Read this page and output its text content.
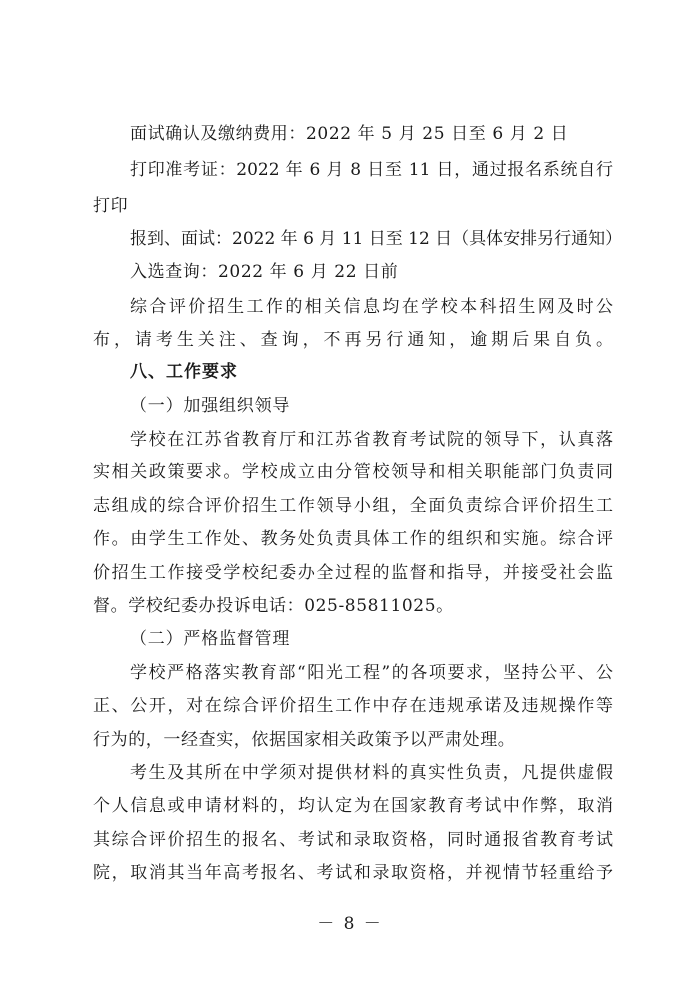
面试确认及缴纳费用：2022 年 5 月 25 日至 6 月 2 日
打印准考证：2022 年 6 月 8 日至 11 日，通过报名系统自行
打印
报到、面试：2022 年 6 月 11 日至 12 日（具体安排另行通知）
入选查询：2022 年 6 月 22 日前
综合评价招生工作的相关信息均在学校本科招生网及时公
布，请考生关注、查询，不再另行通知，逾期后果自负。
八、工作要求
（一）加强组织领导
学校在江苏省教育厅和江苏省教育考试院的领导下，认真落
实相关政策要求。学校成立由分管校领导和相关职能部门负责同
志组成的综合评价招生工作领导小组，全面负责综合评价招生工
作。由学生工作处、教务处负责具体工作的组织和实施。综合评
价招生工作接受学校纪委办全过程的监督和指导，并接受社会监
督。学校纪委办投诉电话：025-85811025。
（二）严格监督管理
学校严格落实教育部“阳光工程”的各项要求，坚持公平、公
正、公开，对在综合评价招生工作中存在违规承诺及违规操作等
行为的，一经查实，依据国家相关政策予以严肃处理。
考生及其所在中学须对提供材料的真实性负责，凡提供虚假
个人信息或申请材料的，均认定为在国家教育考试中作弊，取消
其综合评价招生的报名、考试和录取资格，同时通报省教育考试
院，取消其当年高考报名、考试和录取资格，并视情节轻重给予
－ 8 －
